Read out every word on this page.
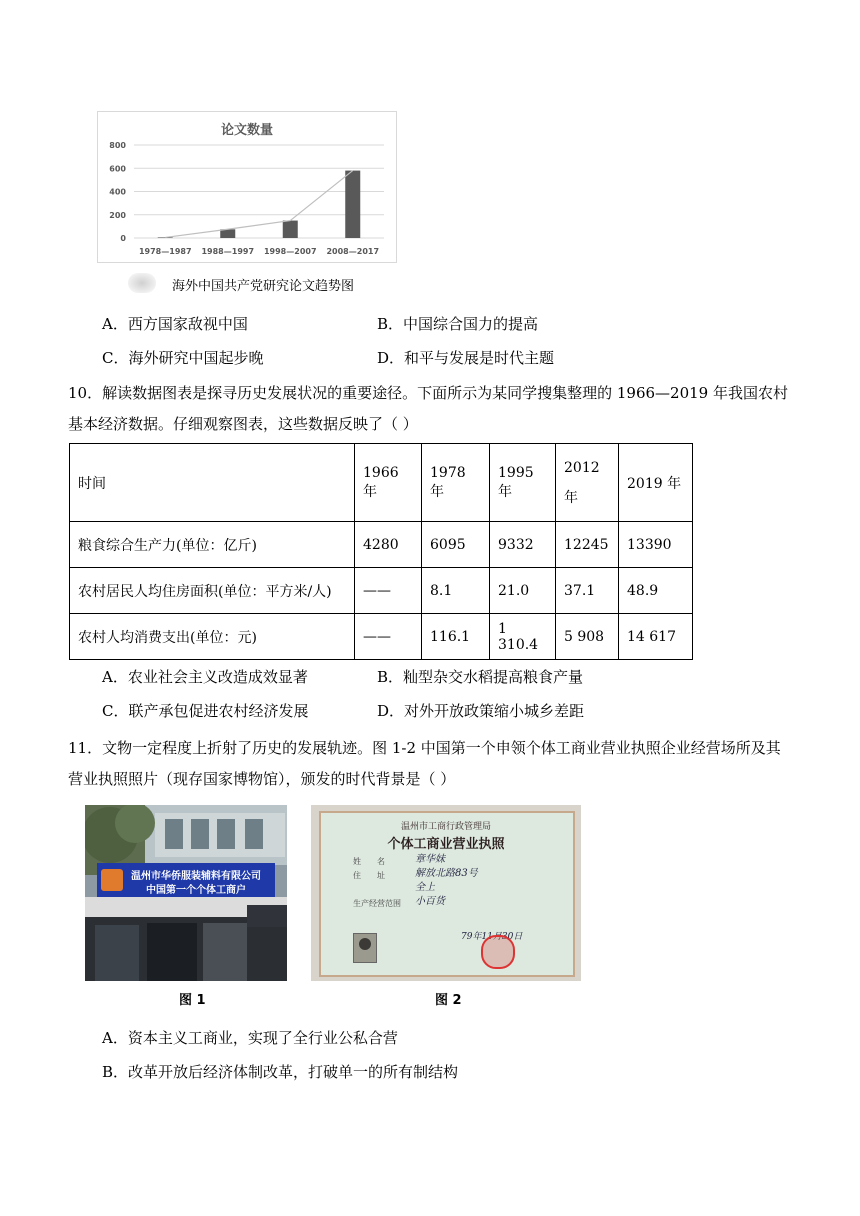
论文数量
0
200
400
600
800
1978—1987 1988—1997 1998—2007 2008—2017
海外中国共产党研究论文趋势图
A．西方国家敌视中国	B．中国综合国力的提高
C．海外研究中国起步晚	D．和平与发展是时代主题
10．解读数据图表是探寻历史发展状况的重要途径。下面所示为某同学搜集整理的 1966—2019 年我国农村
基本经济数据。仔细观察图表，这些数据反映了（ ）
时间	1966 年	1978 年	1995 年	2012 年	2019 年
粮食综合生产力(单位：亿斤)	4280	6095	9332	12245	13390
农村居民人均住房面积(单位：平方米/人)	——	8.1	21.0	37.1	48.9
农村人均消费支出(单位：元)	——	116.1	1 310.4	5 908	14 617
A．农业社会主义改造成效显著	B．籼型杂交水稻提高粮食产量
C．联产承包促进农村经济发展	D．对外开放政策缩小城乡差距
11．文物一定程度上折射了历史的发展轨迹。图 1-2 中国第一个申领个体工商业营业执照企业经营场所及其
营业执照照片（现存国家博物馆），颁发的时代背景是（ ）
温州市华侨服装辅料有限公司
中国第一个个体工商户
图 1
温州市工商行政管理局
个体工商业营业执照
姓　　 名
住　　 址

生产经营范围
章华妹
解放北路83号
全上
小百货
79年11月30日
图 2
A．资本主义工商业，实现了全行业公私合营
B．改革开放后经济体制改革，打破单一的所有制结构
